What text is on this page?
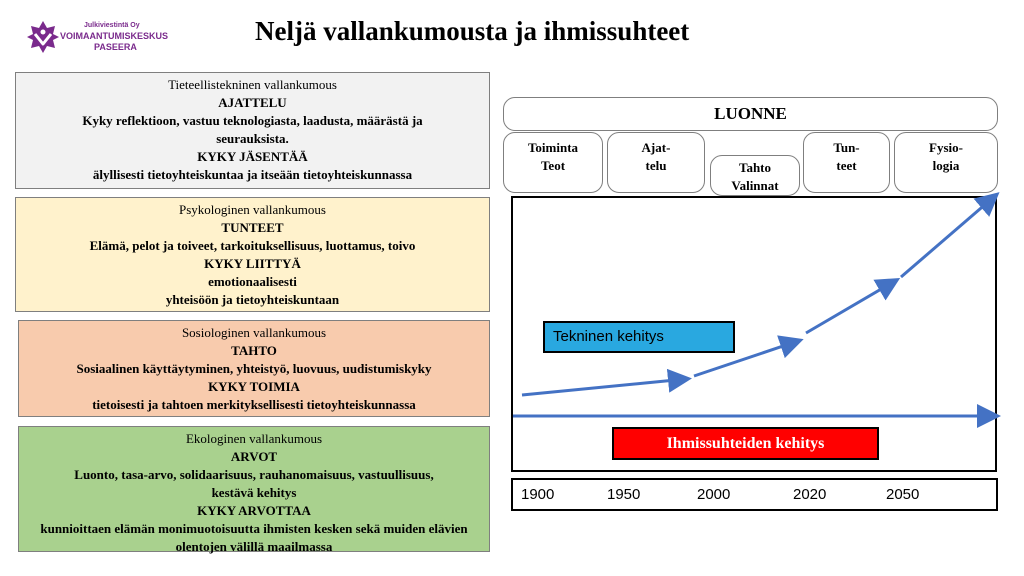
Julkiviestintä Oy
VOIMAANTUMISKESKUS
PASEERA
Neljä vallankumousta ja ihmissuhteet
Tieteellistekninen vallankumous
AJATTELU
Kyky reflektioon, vastuu teknologiasta, laadusta, määrästä ja seurauksista.
KYKY JÄSENTÄÄ
älyllisesti tietoyhteiskuntaa ja itseään tietoyhteiskunnassa
Psykologinen vallankumous
TUNTEET
Elämä, pelot ja toiveet, tarkoituksellisuus, luottamus, toivo
KYKY LIITTYÄ
emotionaalisesti
yhteisöön ja tietoyhteiskuntaan
Sosiologinen vallankumous
TAHTO
Sosiaalinen käyttäytyminen, yhteistyö, luovuus, uudistumiskyky
KYKY TOIMIA
tietoisesti ja tahtoen merkityksellisesti tietoyhteiskunnassa
Ekologinen vallankumous
ARVOT
Luonto, tasa-arvo, solidaarisuus, rauhanomaisuus, vastuullisuus, kestävä kehitys
KYKY ARVOTTAA
kunnioittaen elämän monimuotoisuutta ihmisten kesken sekä muiden elävien olentojen välillä maailmassa
LUONNE
Toiminta
Teot
Ajat-
telu	Tahto
Valinnat
Tun-
teet
Fysio-
logia
Tekninen kehitys
Ihmissuhteiden kehitys
1900	1950	2000	2020	2050
